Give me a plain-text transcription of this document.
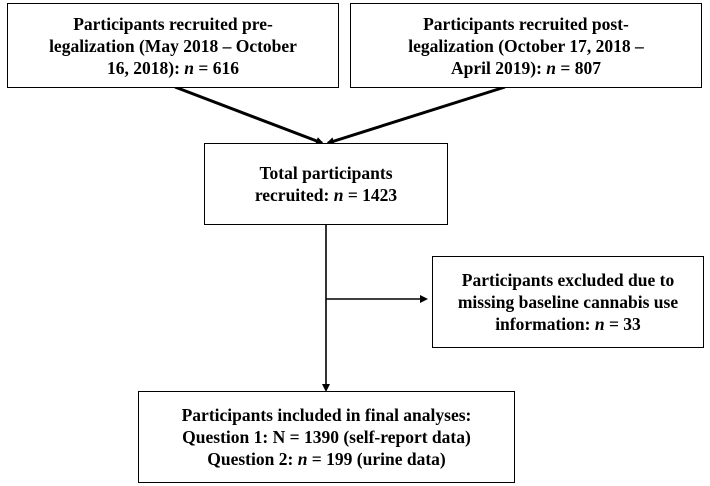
Participants recruited pre-
legalization (May 2018 – October
16, 2018): n = 616
Participants recruited post-
legalization (October 17, 2018 –
April 2019): n = 807
Total participants
recruited: n = 1423
Participants excluded due to
missing baseline cannabis use
information: n = 33
Participants included in final analyses:
Question 1: N = 1390 (self-report data)
Question 2: n = 199 (urine data)
